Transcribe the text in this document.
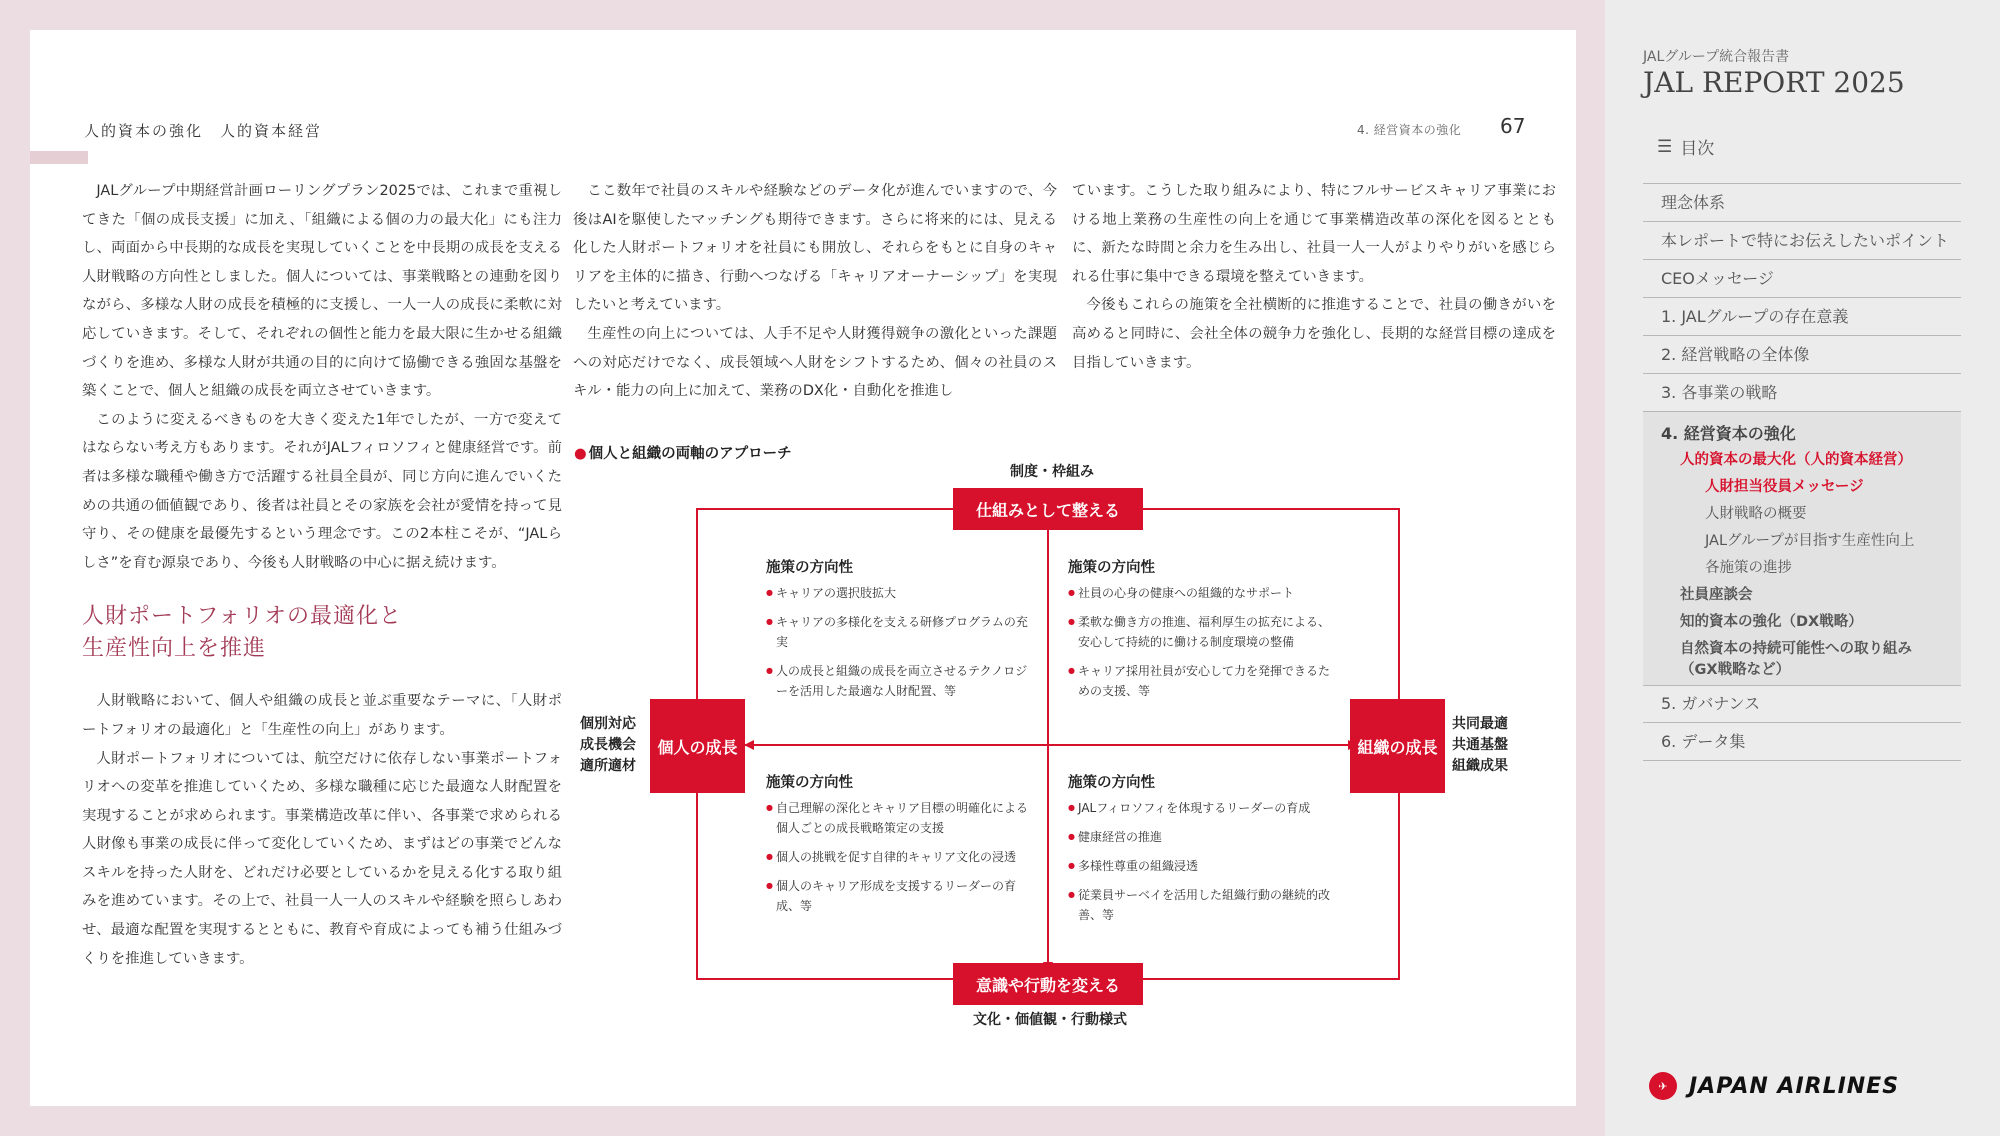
人的資本の強化　人的資本経営	4. 経営資本の強化 67

JALグループ中期経営計画ローリングプラン2025では、これまで重視してきた「個の成長支援」に加え、「組織による個の力の最大化」にも注力し、両面から中長期的な成長を実現していくことを中長期の成長を支える人財戦略の方向性としました。個人については、事業戦略との連動を図りながら、多様な人財の成長を積極的に支援し、一人一人の成長に柔軟に対応していきます。そして、それぞれの個性と能力を最大限に生かせる組織づくりを進め、多様な人財が共通の目的に向けて協働できる強固な基盤を築くことで、個人と組織の成長を両立させていきます。

このように変えるべきものを大きく変えた1年でしたが、一方で変えてはならない考え方もあります。それがJALフィロソフィと健康経営です。前者は多様な職種や働き方で活躍する社員全員が、同じ方向に進んでいくための共通の価値観であり、後者は社員とその家族を会社が愛情を持って見守り、その健康を最優先するという理念です。この2本柱こそが、“JALらしさ”を育む源泉であり、今後も人財戦略の中心に据え続けます。

人財ポートフォリオの最適化と
生産性向上を推進

人財戦略において、個人や組織の成長と並ぶ重要なテーマに、「人財ポートフォリオの最適化」と「生産性の向上」があります。

人財ポートフォリオについては、航空だけに依存しない事業ポートフォリオへの変革を推進していくため、多様な職種に応じた最適な人財配置を実現することが求められます。事業構造改革に伴い、各事業で求められる人財像も事業の成長に伴って変化していくため、まずはどの事業でどんなスキルを持った人財を、どれだけ必要としているかを見える化する取り組みを進めています。その上で、社員一人一人のスキルや経験を照らしあわせ、最適な配置を実現するとともに、教育や育成によっても補う仕組みづくりを推進していきます。

ここ数年で社員のスキルや経験などのデータ化が進んでいますので、今後はAIを駆使したマッチングも期待できます。さらに将来的には、見える化した人財ポートフォリオを社員にも開放し、それらをもとに自身のキャリアを主体的に描き、行動へつなげる「キャリアオーナーシップ」を実現したいと考えています。

生産性の向上については、人手不足や人財獲得競争の激化といった課題への対応だけでなく、成長領域へ人財をシフトするため、個々の社員のスキル・能力の向上に加えて、業務のDX化・自動化を推進し

ています。こうした取り組みにより、特にフルサービスキャリア事業における地上業務の生産性の向上を通じて事業構造改革の深化を図るとともに、新たな時間と余力を生み出し、社員一人一人がよりやりがいを感じられる仕事に集中できる環境を整えていきます。

今後もこれらの施策を全社横断的に推進することで、社員の働きがいを高めると同時に、会社全体の競争力を強化し、長期的な経営目標の達成を目指していきます。

● 個人と組織の両軸のアプローチ
制度・枠組み
仕組みとして整える
意識や行動を変える
個人の成長	組織の成長
個別対応
成長機会
適所適材
共同最適
共通基盤
組織成果
施策の方向性
● キャリアの選択肢拡大
● キャリアの多様化を支える研修プログラムの充実
● 人の成長と組織の成長を両立させるテクノロジーを活用した最適な人財配置、等
施策の方向性
● 社員の心身の健康への組織的なサポート
● 柔軟な働き方の推進、福利厚生の拡充による、安心して持続的に働ける制度環境の整備
● キャリア採用社員が安心して力を発揮できるための支援、等
施策の方向性
● 自己理解の深化とキャリア目標の明確化による個人ごとの成長戦略策定の支援
● 個人の挑戦を促す自律的キャリア文化の浸透
● 個人のキャリア形成を支援するリーダーの育成、等
施策の方向性
● JALフィロソフィを体現するリーダーの育成
● 健康経営の推進
● 多様性尊重の組織浸透
● 従業員サーベイを活用した組織行動の継続的改善、等
文化・価値観・行動様式
JALグループ統合報告書
JAL REPORT 2025
☰ 目次
理念体系
本レポートで特にお伝えしたいポイント
CEOメッセージ
1. JALグループの存在意義
2. 経営戦略の全体像
3. 各事業の戦略
4. 経営資本の強化
人的資本の最大化（人的資本経営）
人財担当役員メッセージ
人財戦略の概要
JALグループが目指す生産性向上
各施策の進捗
社員座談会
知的資本の強化（DX戦略）
自然資本の持続可能性への取り組み
（GX戦略など）
5. ガバナンス
6. データ集
✈ JAPAN AIRLINES
